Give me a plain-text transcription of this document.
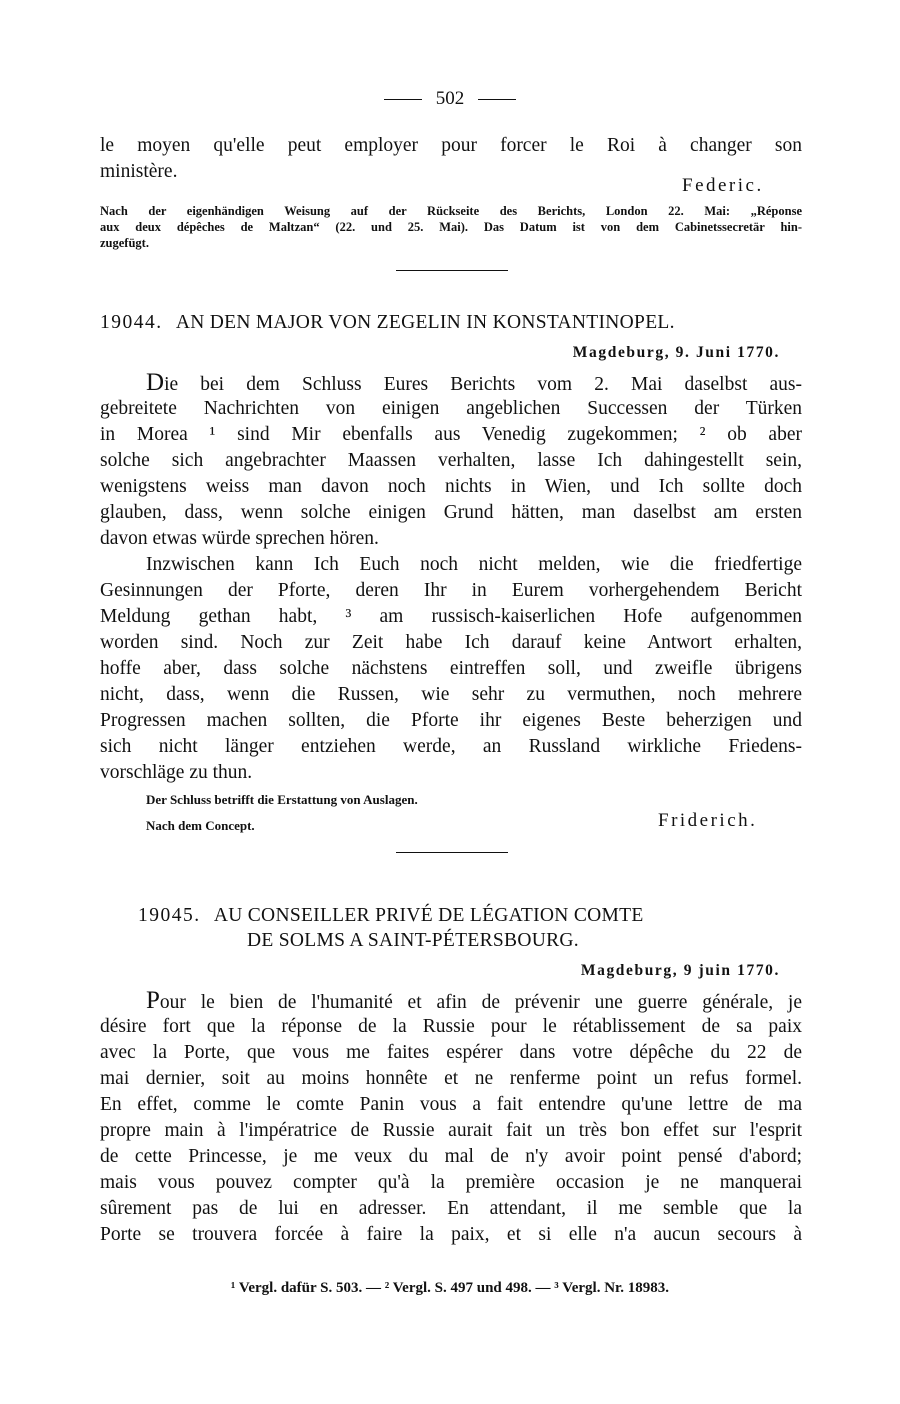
502
le moyen qu'elle peut employer pour forcer le Roi à changer son
ministère.
Federic.
Nach der eigenhändigen Weisung auf der Rückseite des Berichts, London 22. Mai: „Réponse
aux deux dépêches de Maltzan“ (22. und 25. Mai). Das Datum ist von dem Cabinetssecretär hin-
zugefügt.
19044. AN DEN MAJOR VON ZEGELIN IN KONSTANTINOPEL.
Magdeburg, 9. Juni 1770.
Die bei dem Schluss Eures Berichts vom 2. Mai daselbst aus-
gebreitete Nachrichten von einigen angeblichen Successen der Türken
in Morea ¹ sind Mir ebenfalls aus Venedig zugekommen; ² ob aber
solche sich angebrachter Maassen verhalten, lasse Ich dahingestellt sein,
wenigstens weiss man davon noch nichts in Wien, und Ich sollte doch
glauben, dass, wenn solche einigen Grund hätten, man daselbst am ersten
davon etwas würde sprechen hören.
Inzwischen kann Ich Euch noch nicht melden, wie die friedfertige
Gesinnungen der Pforte, deren Ihr in Eurem vorhergehendem Bericht
Meldung gethan habt, ³ am russisch-kaiserlichen Hofe aufgenommen
worden sind. Noch zur Zeit habe Ich darauf keine Antwort erhalten,
hoffe aber, dass solche nächstens eintreffen soll, und zweifle übrigens
nicht, dass, wenn die Russen, wie sehr zu vermuthen, noch mehrere
Progressen machen sollten, die Pforte ihr eigenes Beste beherzigen und
sich nicht länger entziehen werde, an Russland wirkliche Friedens-
vorschläge zu thun.
Der Schluss betrifft die Erstattung von Auslagen.
Nach dem Concept.	Friderich.
19045. AU CONSEILLER PRIVÉ DE LÉGATION COMTE
DE SOLMS A SAINT-PÉTERSBOURG.
Magdeburg, 9 juin 1770.
Pour le bien de l'humanité et afin de prévenir une guerre générale, je
désire fort que la réponse de la Russie pour le rétablissement de sa paix
avec la Porte, que vous me faites espérer dans votre dépêche du 22 de
mai dernier, soit au moins honnête et ne renferme point un refus formel.
En effet, comme le comte Panin vous a fait entendre qu'une lettre de ma
propre main à l'impératrice de Russie aurait fait un très bon effet sur l'esprit
de cette Princesse, je me veux du mal de n'y avoir point pensé d'abord;
mais vous pouvez compter qu'à la première occasion je ne manquerai
sûrement pas de lui en adresser. En attendant, il me semble que la
Porte se trouvera forcée à faire la paix, et si elle n'a aucun secours à
¹ Vergl. dafür S. 503. — ² Vergl. S. 497 und 498. — ³ Vergl. Nr. 18983.
